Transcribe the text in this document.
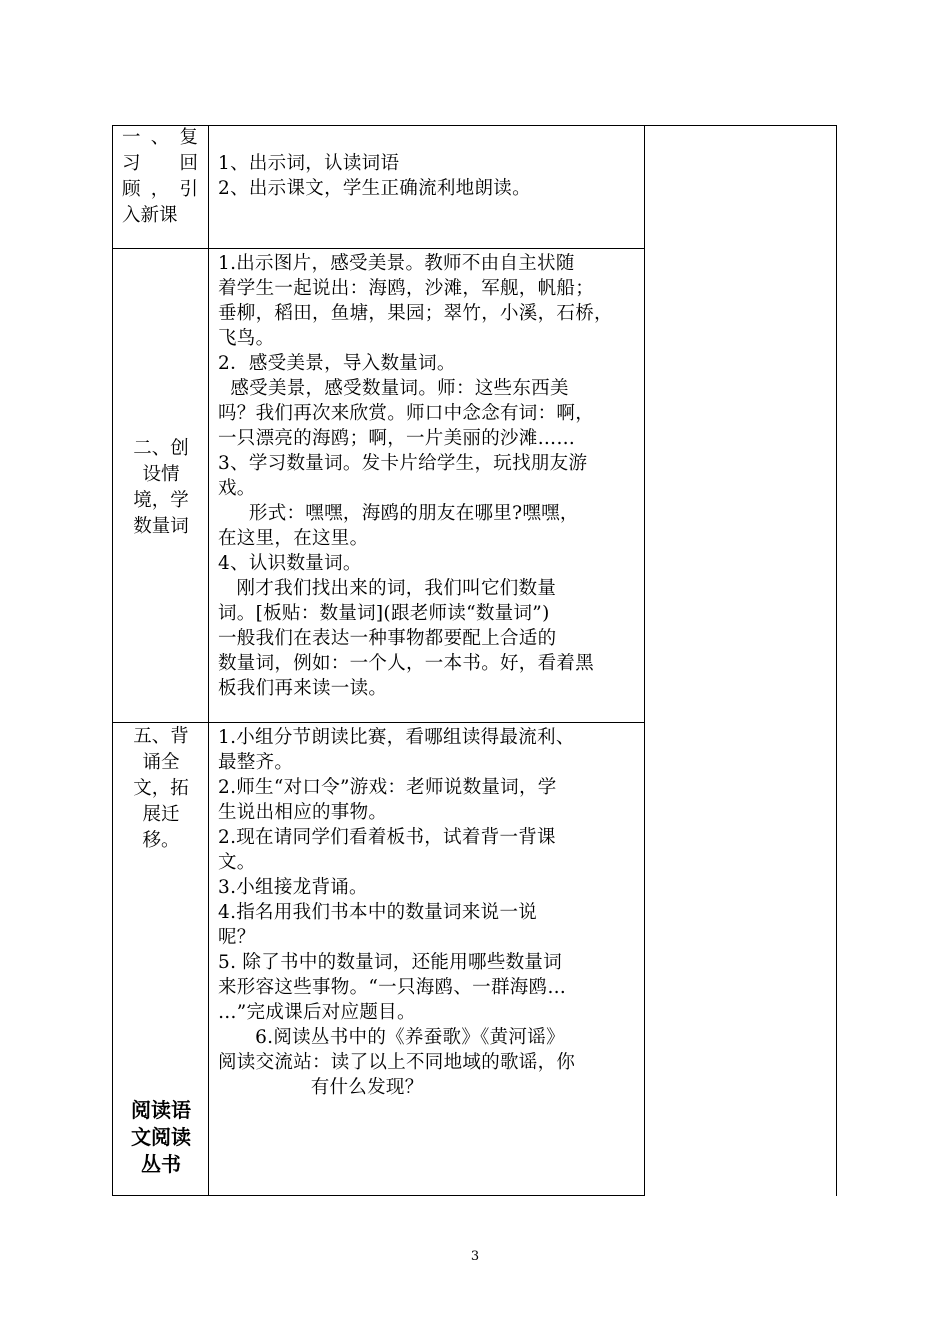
一 、 复
习　 回
顾 ， 引
入新课
1、出示词，认读词语
2、出示课文，学生正确流利地朗读。
二、创
设情
境，学
数量词
1.出示图片，感受美景。教师不由自主状随
着学生一起说出：海鸥，沙滩，军舰，帆船；
垂柳，稻田，鱼塘，果园；翠竹，小溪，石桥，
飞鸟。
2．感受美景，导入数量词。
感受美景，感受数量词。师：这些东西美
吗？我们再次来欣赏。师口中念念有词：啊，
一只漂亮的海鸥；啊，一片美丽的沙滩……
3、学习数量词。发卡片给学生，玩找朋友游
戏。
形式：嘿嘿，海鸥的朋友在哪里?嘿嘿，
在这里，在这里。
4、认识数量词。
刚才我们找出来的词，我们叫它们数量
词。[板贴：数量词](跟老师读“数量词”)
一般我们在表达一种事物都要配上合适的
数量词，例如：一个人，一本书。好，看着黑
板我们再来读一读。
五、背
诵全
文，拓
展迁
移。
阅读语
文阅读
丛书
1.小组分节朗读比赛，看哪组读得最流利、
最整齐。
2.师生“对口令”游戏：老师说数量词，学
生说出相应的事物。
2.现在请同学们看着板书，试着背一背课
文。
3.小组接龙背诵。
4.指名用我们书本中的数量词来说一说
呢？
5. 除了书中的数量词，还能用哪些数量词
来形容这些事物。“一只海鸥、一群海鸥…
…”完成课后对应题目。
6.阅读丛书中的《养蚕歌》《黄河谣》
阅读交流站：读了以上不同地域的歌谣，你
有什么发现？
3
